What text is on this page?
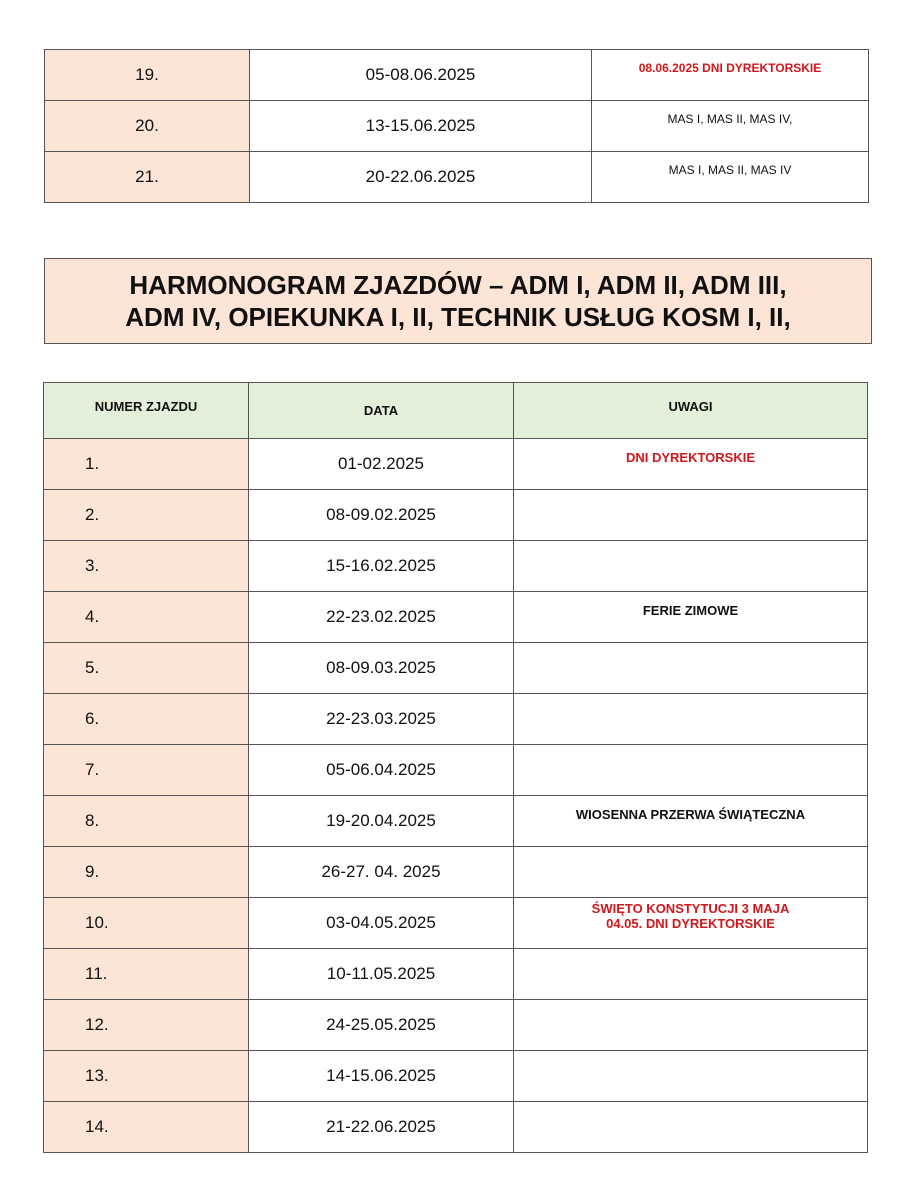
19.	05-08.06.2025	08.06.2025 DNI DYREKTORSKIE

20.	13-15.06.2025	MAS I, MAS II, MAS IV,

21.	20-22.06.2025	MAS I, MAS II, MAS IV
HARMONOGRAM ZJAZDÓW – ADM I, ADM II, ADM III,
ADM IV, OPIEKUNKA I, II, TECHNIK USŁUG KOSM I, II,
NUMER ZJAZDU	DATA	UWAGI

1.	01-02.2025	DNI DYREKTORSKIE

2.	08-09.02.2025	
3.	15-16.02.2025	
4.	22-23.02.2025	FERIE ZIMOWE

5.	08-09.03.2025	
6.	22-23.03.2025	
7.	05-06.04.2025	
8.	19-20.04.2025	WIOSENNA PRZERWA ŚWIĄTECZNA

9.	26-27. 04. 2025	
10.	03-04.05.2025	ŚWIĘTO KONSTYTUCJI 3 MAJA
04.05. DNI DYREKTORSKIE

11.	10-11.05.2025	
12.	24-25.05.2025	
13.	14-15.06.2025	
14.	21-22.06.2025	
